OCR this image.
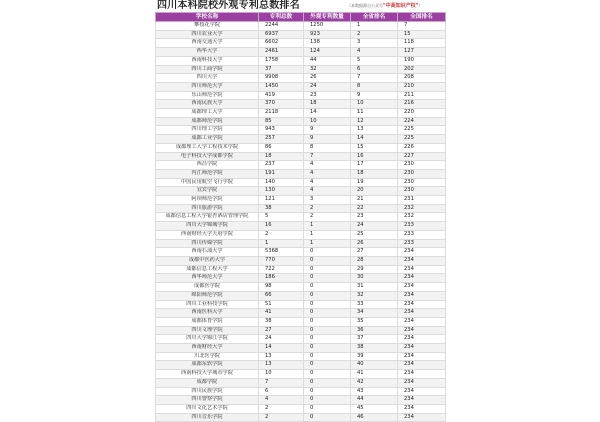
四川本科院校外观专利总数排名	（本数据源自公众号"中高知识产权"）
学校名称	专利总数	外观专利数量	全省排名	全国排名
攀枝花学院	2244	1250	1	7
四川农业大学	6937	923	2	15
西南交通大学	6602	138	3	118
西华大学	2461	124	4	127
西南科技大学	1758	44	5	190
四川工商学院	37	32	6	202
四川大学	9908	26	7	208
四川师范大学	1450	24	8	210
乐山师范学院	419	23	9	211
西南民族大学	370	18	10	216
成都理工大学	2118	14	11	220
成都师范学院	85	10	12	224
四川理工学院	943	9	13	225
成都工业学院	257	9	14	225
成都理工大学工程技术学院	86	8	15	226
电子科技大学成都学院	18	7	16	227
西昌学院	237	4	17	230
内江师范学院	191	4	18	230
中国民用航空飞行学院	140	4	19	230
宜宾学院	130	4	20	230
阿坝师范学院	121	3	21	231
四川旅游学院	38	2	22	232
成都信息工程大学银杏酒店管理学院	5	2	23	232
四川大学锦城学院	16	1	24	233
西南财经大学天府学院	2	1	25	233
四川传媒学院	1	1	26	233
西南石油大学	5368	0	27	234
成都中医药大学	770	0	28	234
成都信息工程大学	722	0	29	234
西华师范大学	186	0	30	234
成都医学院	98	0	31	234
绵阳师范学院	66	0	32	234
四川工业科技学院	51	0	33	234
西南医科大学	41	0	34	234
成都体育学院	38	0	35	234
四川文理学院	27	0	36	234
四川大学锦江学院	24	0	37	234
西南财经大学	14	0	38	234
川北医学院	13	0	39	234
成都东软学院	13	0	40	234
西南科技大学城市学院	10	0	41	234
成都学院	7	0	42	234
四川民族学院	6	0	43	234
四川警察学院	4	0	44	234
四川文化艺术学院	2	0	45	234
四川音乐学院	2	0	46	234
